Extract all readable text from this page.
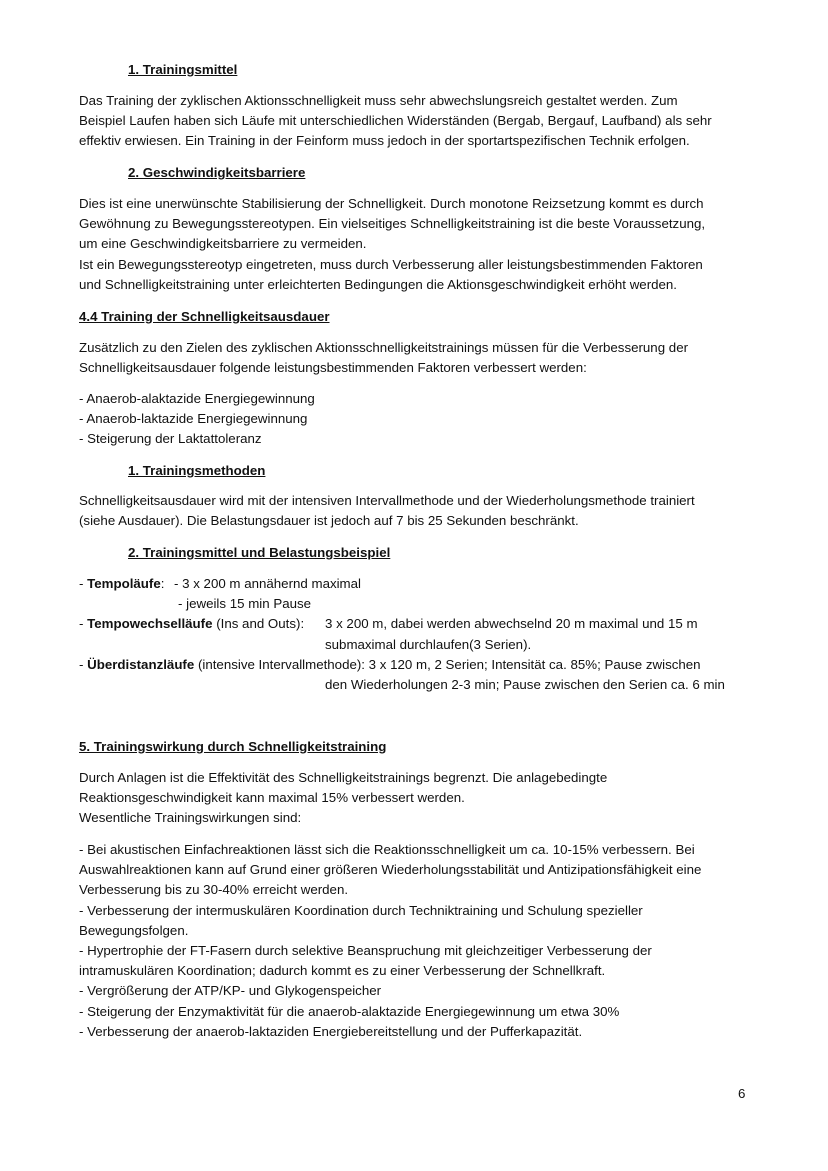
1. Trainingsmittel

Das Training der zyklischen Aktionsschnelligkeit muss sehr abwechslungsreich gestaltet werden. Zum

Beispiel Laufen haben sich Läufe mit unterschiedlichen Widerständen (Bergab, Bergauf, Laufband) als sehr

effektiv erwiesen. Ein Training in der Feinform muss jedoch in der sportartspezifischen Technik erfolgen.

2. Geschwindigkeitsbarriere

Dies ist eine unerwünschte Stabilisierung der Schnelligkeit. Durch monotone Reizsetzung kommt es durch

Gewöhnung zu Bewegungsstereotypen. Ein vielseitiges Schnelligkeitstraining ist die beste Voraussetzung,

um eine Geschwindigkeitsbarriere zu vermeiden.

Ist ein Bewegungsstereotyp eingetreten, muss durch Verbesserung aller leistungsbestimmenden Faktoren

und Schnelligkeitstraining unter erleichterten Bedingungen die Aktionsgeschwindigkeit erhöht werden.

4.4 Training der Schnelligkeitsausdauer

Zusätzlich zu den Zielen des zyklischen Aktionsschnelligkeitstrainings müssen für die Verbesserung der

Schnelligkeitsausdauer folgende leistungsbestimmenden Faktoren verbessert werden:

- Anaerob-alaktazide Energiegewinnung

- Anaerob-laktazide Energiegewinnung

- Steigerung der Laktattoleranz

1. Trainingsmethoden

Schnelligkeitsausdauer wird mit der intensiven Intervallmethode und der Wiederholungsmethode trainiert

(siehe Ausdauer). Die Belastungsdauer ist jedoch auf 7 bis 25 Sekunden beschränkt.

2. Trainingsmittel und Belastungsbeispiel

- Tempoläufe: - 3 x 200 m annähernd maximal
- jeweils 15 min Pause
- Tempowechselläufe (Ins and Outs): 3 x 200 m, dabei werden abwechselnd 20 m maximal und 15 m
submaximal durchlaufen(3 Serien).
- Überdistanzläufe (intensive Intervallmethode): 3 x 120 m, 2 Serien; Intensität ca. 85%; Pause zwischen
den Wiederholungen 2-3 min; Pause zwischen den Serien ca. 6 min

5. Trainingswirkung durch Schnelligkeitstraining

Durch Anlagen ist die Effektivität des Schnelligkeitstrainings begrenzt. Die anlagebedingte

Reaktionsgeschwindigkeit kann maximal 15% verbessert werden.

Wesentliche Trainingswirkungen sind:

- Bei akustischen Einfachreaktionen lässt sich die Reaktionsschnelligkeit um ca. 10-15% verbessern. Bei

Auswahlreaktionen kann auf Grund einer größeren Wiederholungsstabilität und Antizipationsfähigkeit eine

Verbesserung bis zu 30-40% erreicht werden.

- Verbesserung der intermuskulären Koordination durch Techniktraining und Schulung spezieller

Bewegungsfolgen.

- Hypertrophie der FT-Fasern durch selektive Beanspruchung mit gleichzeitiger Verbesserung der

intramuskulären Koordination; dadurch kommt es zu einer Verbesserung der Schnellkraft.

- Vergrößerung der ATP/KP- und Glykogenspeicher

- Steigerung der Enzymaktivität für die anaerob-alaktazide Energiegewinnung um etwa 30%

- Verbesserung der anaerob-laktaziden Energiebereitstellung und der Pufferkapazität.

6
